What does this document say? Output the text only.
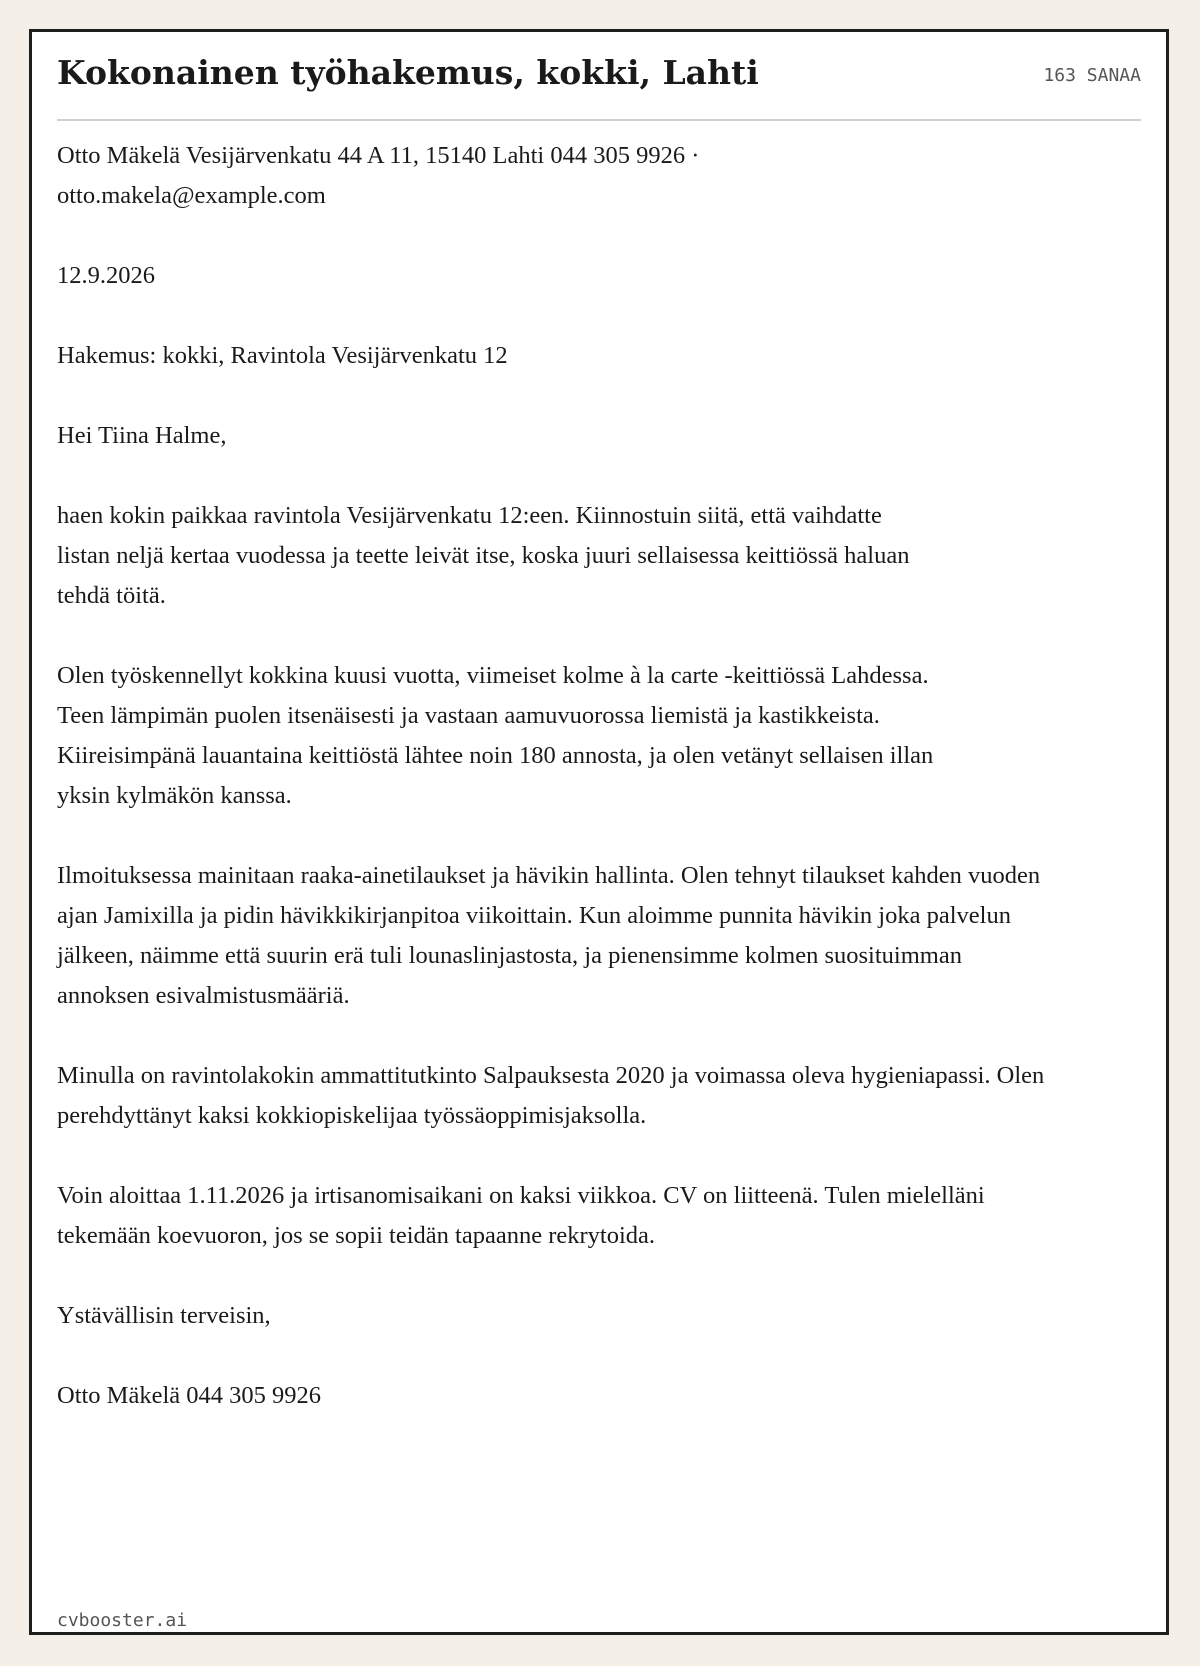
Kokonainen työhakemus, kokki, Lahti	163 SANAA

Otto Mäkelä Vesijärvenkatu 44 A 11, 15140 Lahti 044 305 9926 · otto.makela@example.com

12.9.2026

Hakemus: kokki, Ravintola Vesijärvenkatu 12

Hei Tiina Halme,

haen kokin paikkaa ravintola Vesijärvenkatu 12:een. Kiinnostuin siitä, että vaihdatte listan neljä kertaa vuodessa ja teette leivät itse, koska juuri sellaisessa keittiössä haluan tehdä töitä.

Olen työskennellyt kokkina kuusi vuotta, viimeiset kolme à la carte -keittiössä Lahdessa. Teen lämpimän puolen itsenäisesti ja vastaan aamuvuorossa liemistä ja kastikkeista. Kiireisimpänä lauantaina keittiöstä lähtee noin 180 annosta, ja olen vetänyt sellaisen illan yksin kylmäkön kanssa.

Ilmoituksessa mainitaan raaka-ainetilaukset ja hävikin hallinta. Olen tehnyt tilaukset kahden vuoden ajan Jamixilla ja pidin hävikkikirjanpitoa viikoittain. Kun aloimme punnita hävikin joka palvelun jälkeen, näimme että suurin erä tuli lounaslinjastosta, ja pienensimme kolmen suosituimman annoksen esivalmistusmääriä.

Minulla on ravintolakokin ammattitutkinto Salpauksesta 2020 ja voimassa oleva hygieniapassi. Olen perehdyttänyt kaksi kokkiopiskelijaa työssäoppimisjaksolla.

Voin aloittaa 1.11.2026 ja irtisanomisaikani on kaksi viikkoa. CV on liitteenä. Tulen mielelläni tekemään koevuoron, jos se sopii teidän tapaanne rekrytoida.

Ystävällisin terveisin,

Otto Mäkelä 044 305 9926

cvbooster.ai
